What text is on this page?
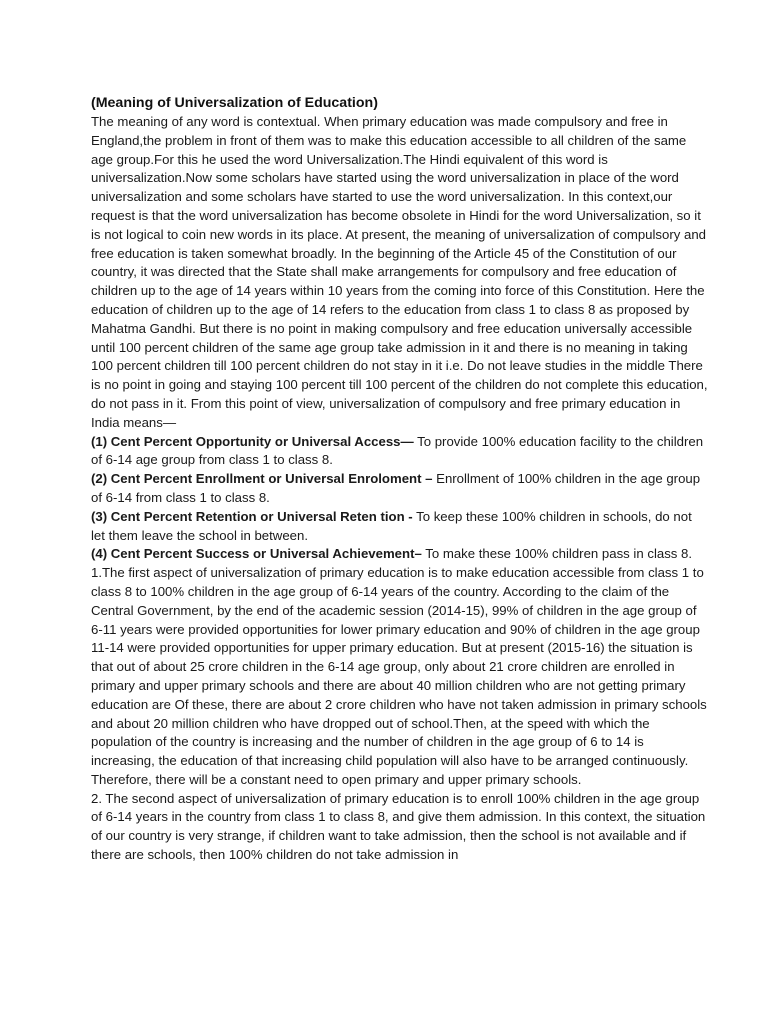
(Meaning of Universalization of Education)

The meaning of any word is contextual. When primary education was made compulsory and free in England,the problem in front of them was to make this education accessible to all children of the same age group.For this he used the word Universalization.The Hindi equivalent of this word is universalization.Now some scholars have started using the word universalization in place of the word universalization and some scholars have started to use the word universalization. In this context,our request is that the word universalization has become obsolete in Hindi for the word Universalization, so it is not logical to coin new words in its place. At present, the meaning of universalization of compulsory and free education is taken somewhat broadly. In the beginning of the Article 45 of the Constitution of our country, it was directed that the State shall make arrangements for compulsory and free education of children up to the age of 14 years within 10 years from the coming into force of this Constitution. Here the education of children up to the age of 14 refers to the education from class 1 to class 8 as proposed by Mahatma Gandhi. But there is no point in making compulsory and free education universally accessible until 100 percent children of the same age group take admission in it and there is no meaning in taking 100 percent children till 100 percent children do not stay in it i.e. Do not leave studies in the middle There is no point in going and staying 100 percent till 100 percent of the children do not complete this education, do not pass in it. From this point of view, universalization of compulsory and free primary education in India means—

(1) Cent Percent Opportunity or Universal Access— To provide 100% education facility to the children of 6-14 age group from class 1 to class 8.

(2) Cent Percent Enrollment or Universal Enroloment – Enrollment of 100% children in the age group of 6-14 from class 1 to class 8.

(3) Cent Percent Retention or Universal Reten tion - To keep these 100% children in schools, do not let them leave the school in between.

(4) Cent Percent Success or Universal Achievement– To make these 100% children pass in class 8.

1.The first aspect of universalization of primary education is to make education accessible from class 1 to class 8 to 100% children in the age group of 6-14 years of the country. According to the claim of the Central Government, by the end of the academic session (2014-15), 99% of children in the age group of 6-11 years were provided opportunities for lower primary education and 90% of children in the age group 11-14 were provided opportunities for upper primary education. But at present (2015-16) the situation is that out of about 25 crore children in the 6-14 age group, only about 21 crore children are enrolled in primary and upper primary schools and there are about 40 million children who are not getting primary education are Of these, there are about 2 crore children who have not taken admission in primary schools and about 20 million children who have dropped out of school.Then, at the speed with which the population of the country is increasing and the number of children in the age group of 6 to 14 is increasing, the education of that increasing child population will also have to be arranged continuously. Therefore, there will be a constant need to open primary and upper primary schools.

2. The second aspect of universalization of primary education is to enroll 100% children in the age group of 6-14 years in the country from class 1 to class 8, and give them admission. In this context, the situation of our country is very strange, if children want to take admission, then the school is not available and if there are schools, then 100% children do not take admission in
